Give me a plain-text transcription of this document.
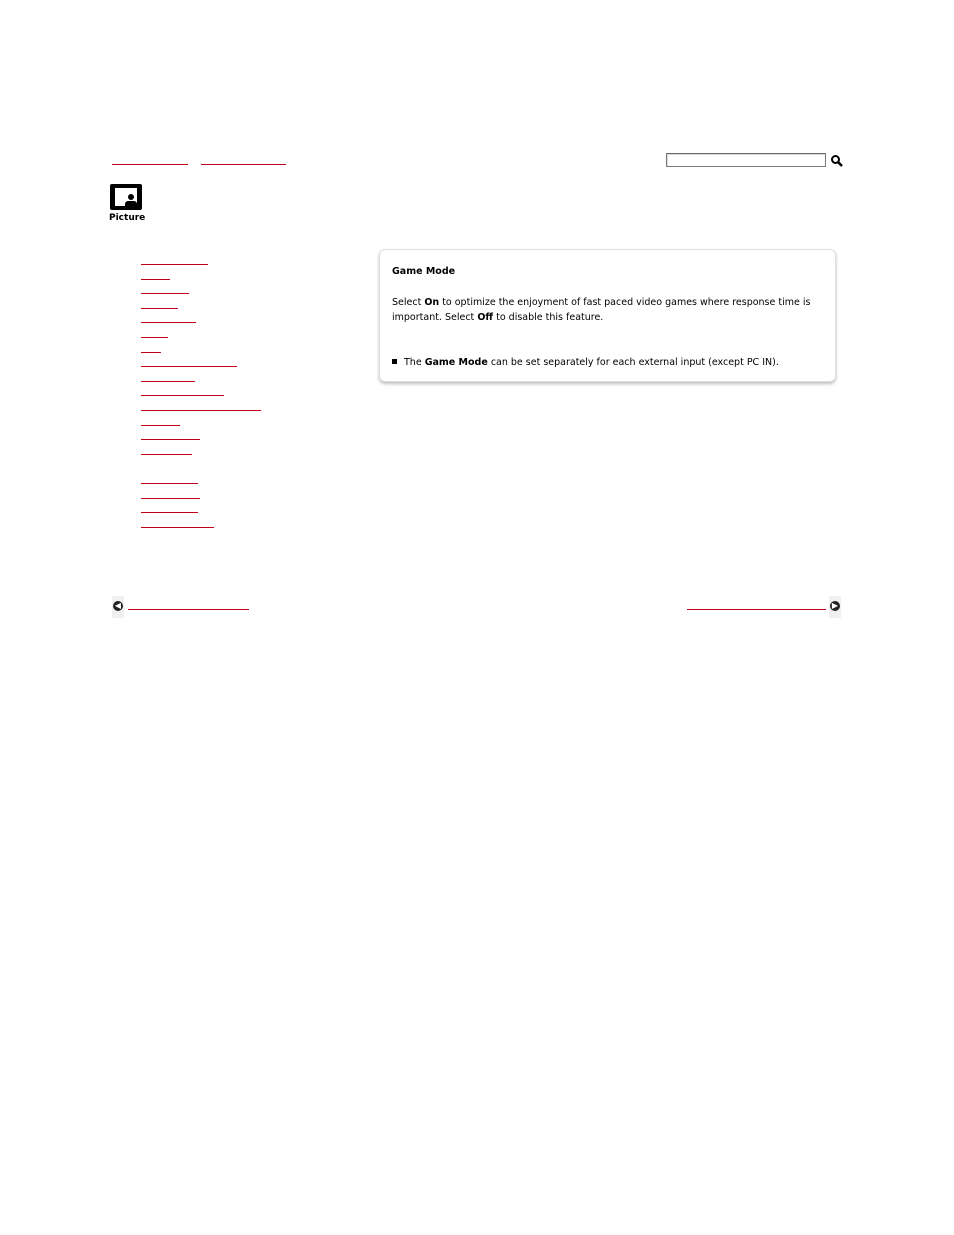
Picture
Game Mode
Select On to optimize the enjoyment of fast paced video games where response time is important. Select Off to disable this feature.
The Game Mode can be set separately for each external input (except PC IN).
◀	▶
